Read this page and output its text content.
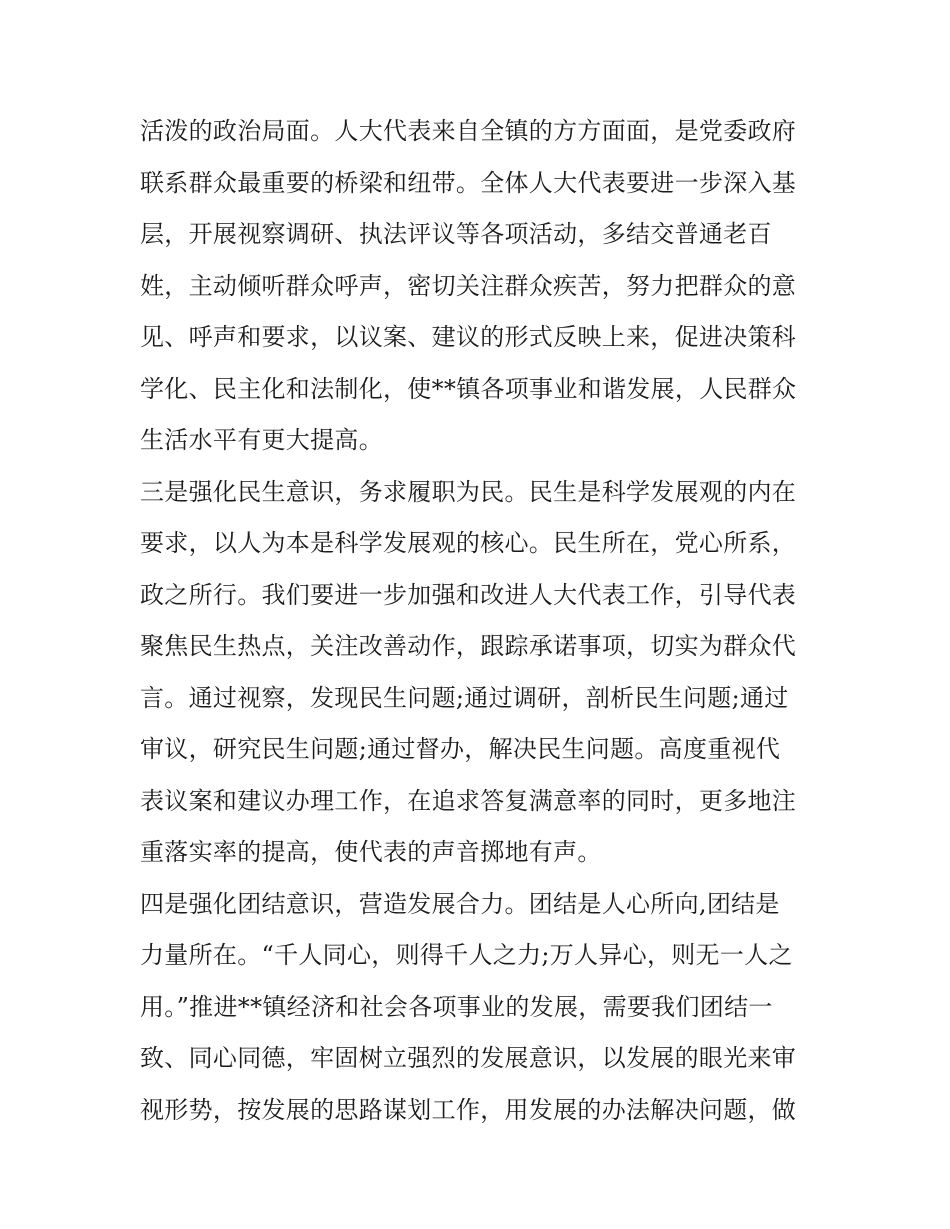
活泼的政治局面。人大代表来自全镇的方方面面，是党委政府
联系群众最重要的桥梁和纽带。全体人大代表要进一步深入基
层，开展视察调研、执法评议等各项活动，多结交普通老百
姓，主动倾听群众呼声，密切关注群众疾苦，努力把群众的意
见、呼声和要求，以议案、建议的形式反映上来，促进决策科
学化、民主化和法制化，使**镇各项事业和谐发展，人民群众
生活水平有更大提高。
三是强化民生意识，务求履职为民。民生是科学发展观的内在
要求，以人为本是科学发展观的核心。民生所在，党心所系，
政之所行。我们要进一步加强和改进人大代表工作，引导代表
聚焦民生热点，关注改善动作，跟踪承诺事项，切实为群众代
言。通过视察，发现民生问题;通过调研，剖析民生问题;通过
审议，研究民生问题;通过督办，解决民生问题。高度重视代
表议案和建议办理工作，在追求答复满意率的同时，更多地注
重落实率的提高，使代表的声音掷地有声。
四是强化团结意识，营造发展合力。团结是人心所向,团结是
力量所在。“千人同心，则得千人之力;万人异心，则无一人之
用。”推进**镇经济和社会各项事业的发展，需要我们团结一
致、同心同德，牢固树立强烈的发展意识，以发展的眼光来审
视形势，按发展的思路谋划工作，用发展的办法解决问题，做
